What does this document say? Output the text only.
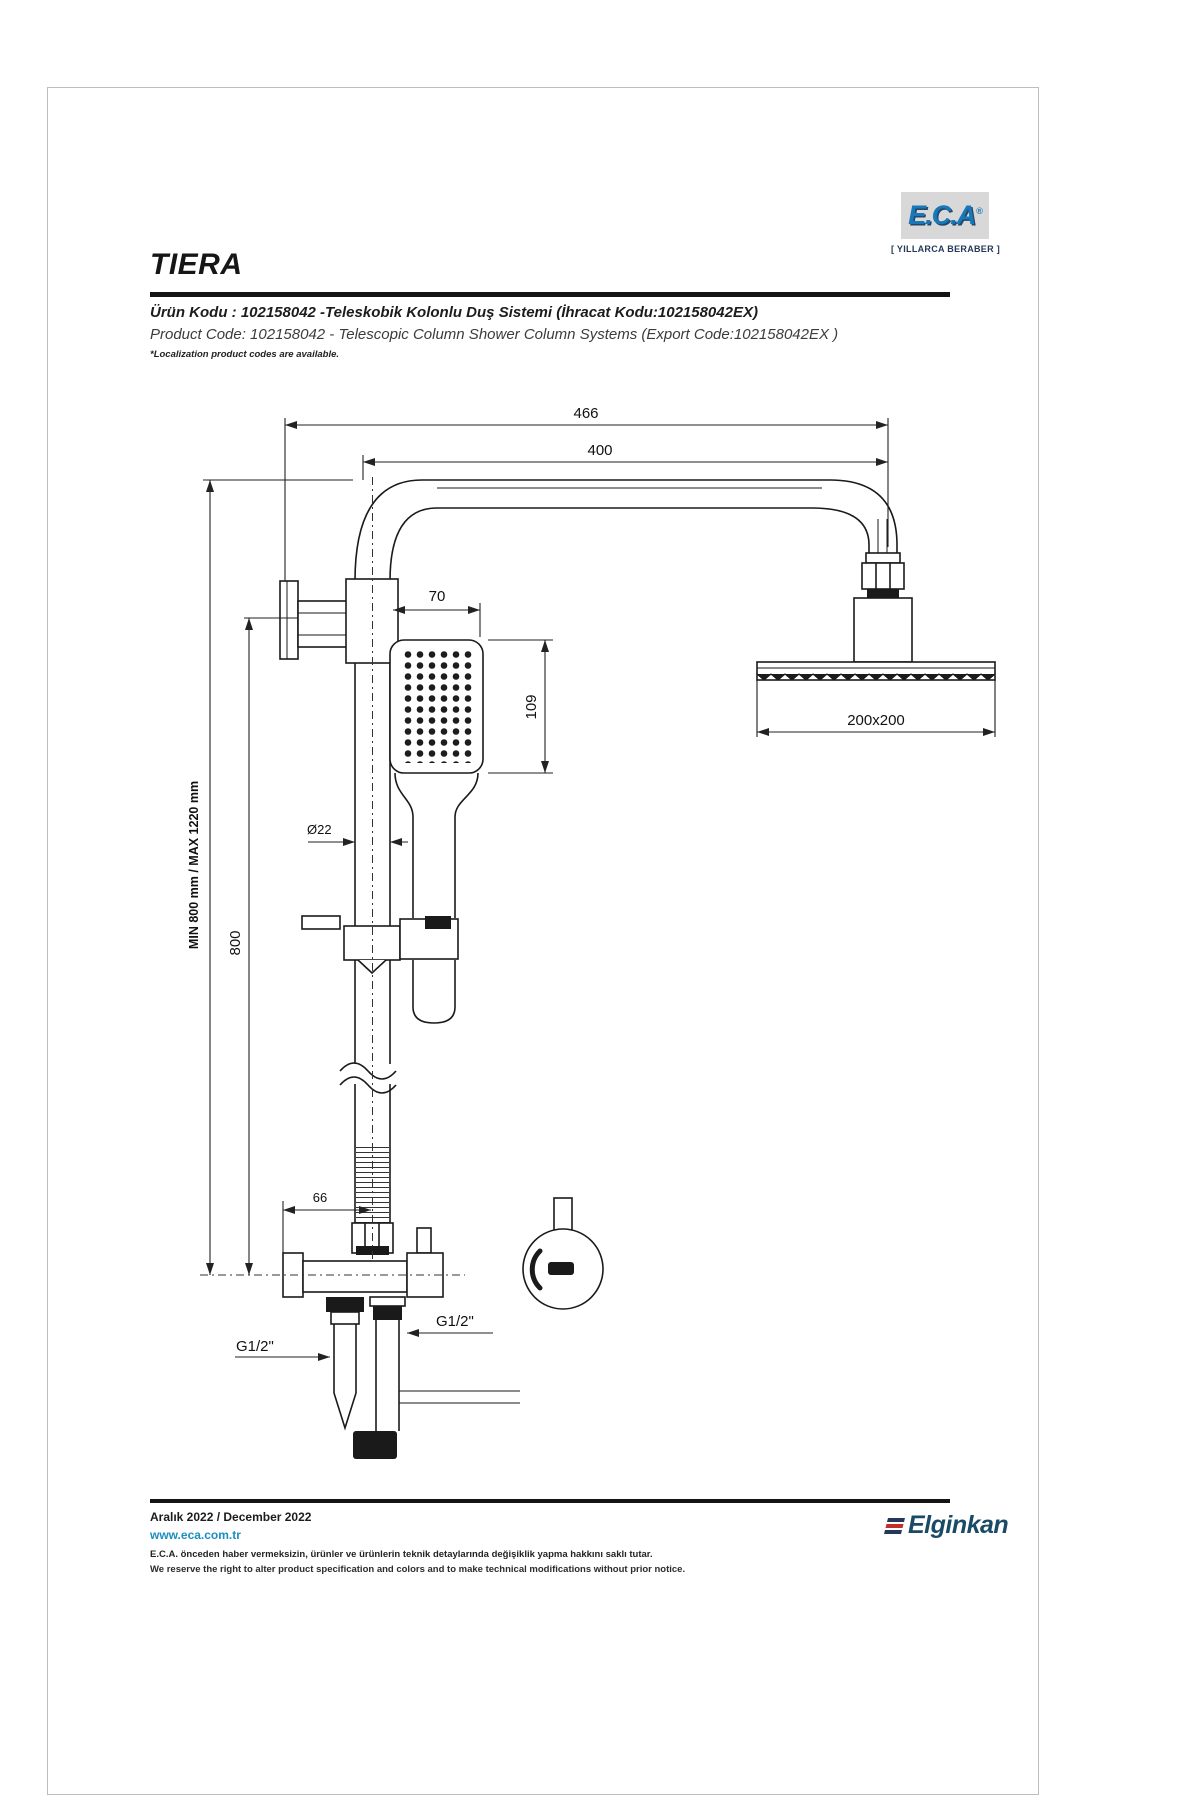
TIERA
E.C.A®
[ YILLARCA BERABER ]
Ürün Kodu : 102158042 -Teleskobik Kolonlu Duş Sistemi (İhracat Kodu:102158042EX)
Product Code: 102158042 - Telescopic Column Shower Column Systems (Export Code:102158042EX )
*Localization product codes are available.
466
400
70
109
200x200
Ø22
MIN 800 mm / MAX 1220 mm 800
66
G1/2"
G1/2"
Aralık 2022 / December 2022
www.eca.com.tr
E.C.A. önceden haber vermeksizin, ürünler ve ürünlerin teknik detaylarında değişiklik yapma hakkını saklı tutar.
We reserve the right to alter product specification and colors and to make technical modifications without prior notice.
Elginkan
